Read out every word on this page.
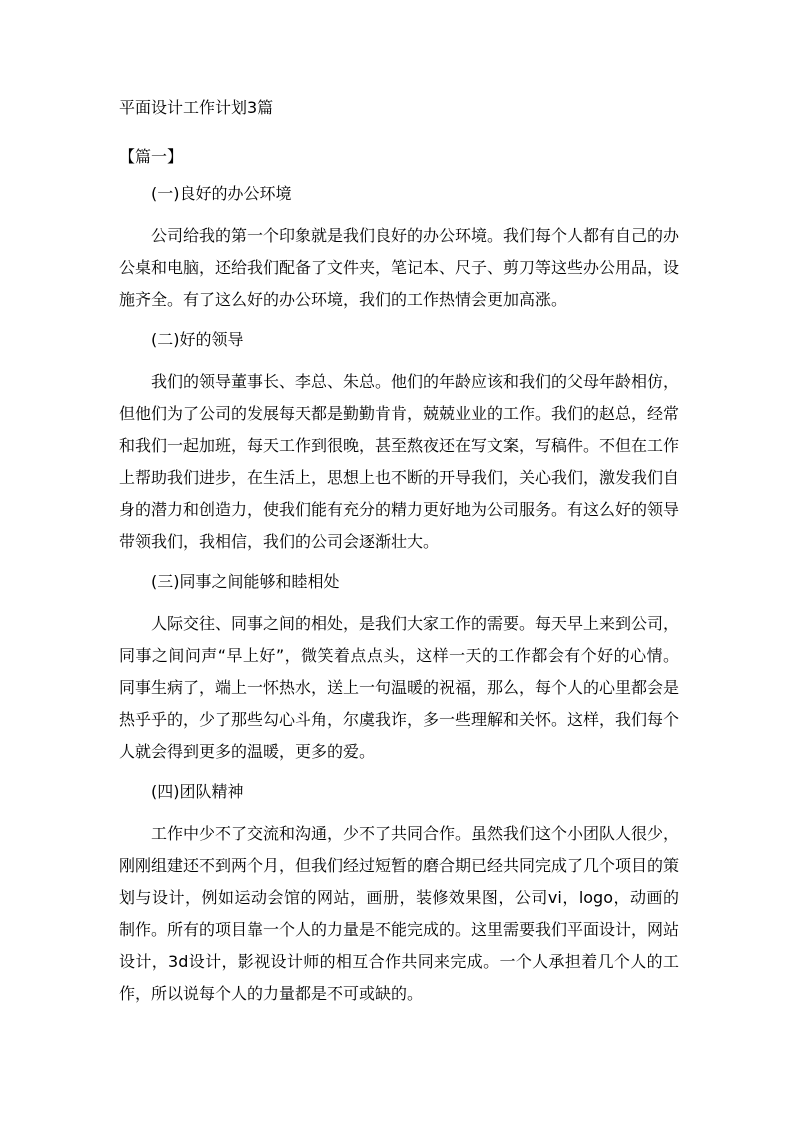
平面设计工作计划3篇
【篇一】
(一)良好的办公环境

公司给我的第一个印象就是我们良好的办公环境。我们每个人都有自己的办公桌和电脑，还给我们配备了文件夹，笔记本、尺子、剪刀等这些办公用品，设施齐全。有了这么好的办公环境，我们的工作热情会更加高涨。

(二)好的领导

我们的领导董事长、李总、朱总。他们的年龄应该和我们的父母年龄相仿，但他们为了公司的发展每天都是勤勤肯肯，兢兢业业的工作。我们的赵总，经常和我们一起加班，每天工作到很晚，甚至熬夜还在写文案，写稿件。不但在工作上帮助我们进步，在生活上，思想上也不断的开导我们，关心我们，激发我们自身的潜力和创造力，使我们能有充分的精力更好地为公司服务。有这么好的领导带领我们，我相信，我们的公司会逐渐壮大。

(三)同事之间能够和睦相处

人际交往、同事之间的相处，是我们大家工作的需要。每天早上来到公司，同事之间问声“早上好”，微笑着点点头，这样一天的工作都会有个好的心情。同事生病了，端上一怀热水，送上一句温暖的祝福，那么，每个人的心里都会是热乎乎的，少了那些勾心斗角，尔虞我诈，多一些理解和关怀。这样，我们每个人就会得到更多的温暖，更多的爱。

(四)团队精神

工作中少不了交流和沟通，少不了共同合作。虽然我们这个小团队人很少，刚刚组建还不到两个月，但我们经过短暂的磨合期已经共同完成了几个项目的策划与设计，例如运动会馆的网站，画册，装修效果图，公司vi，logo，动画的制作。所有的项目靠一个人的力量是不能完成的。这里需要我们平面设计，网站设计，3d设计，影视设计师的相互合作共同来完成。一个人承担着几个人的工作，所以说每个人的力量都是不可或缺的。
